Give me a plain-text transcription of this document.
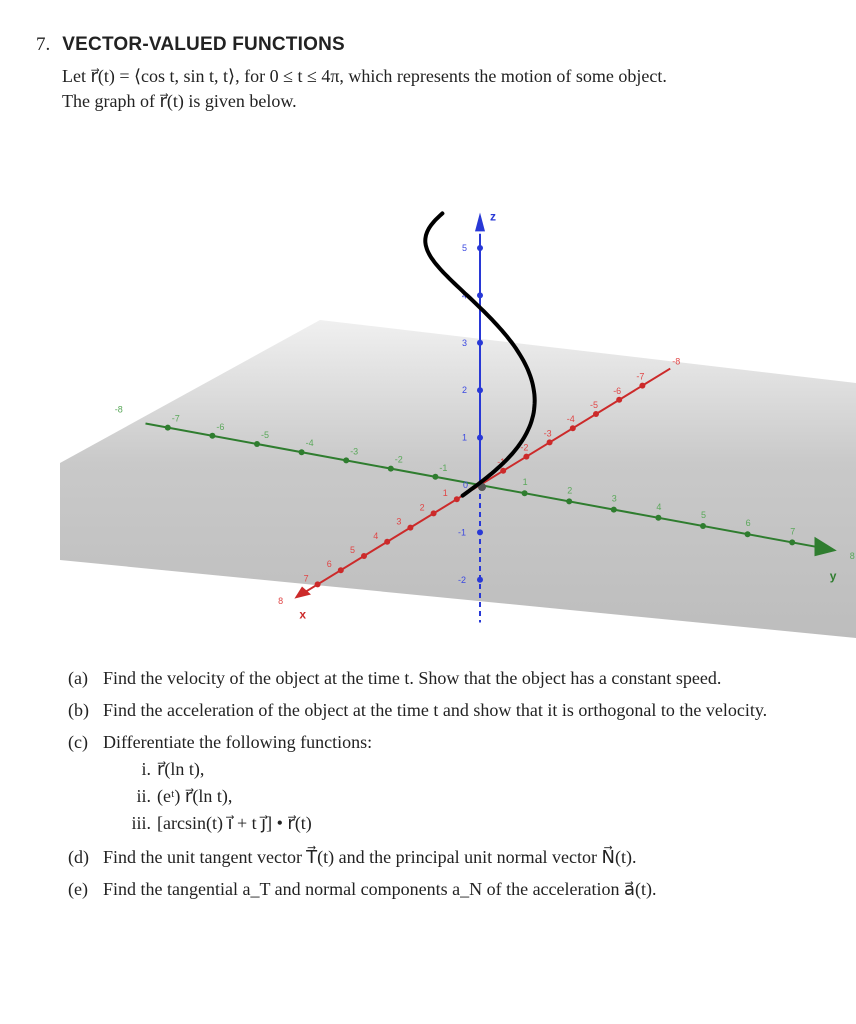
7. VECTOR-VALUED FUNCTIONS

Let r⃗(t) = ⟨cos t, sin t, t⟩, for 0 ≤ t ≤ 4π, which represents the motion of some object.

The graph of r⃗(t) is given below.

1
-1
1
-1
2
-2
2
-2
3
-3
3
-3
4
-4
4
-4
5
-5
5
-5
6
-6
6
-6
7
-7
7
-7
-8
8
-8
8
1
2
3
4
5
-1
-2
0
y
x
z
(a) Find the velocity of the object at the time t. Show that the object has a constant speed.
(b) Find the acceleration of the object at the time t and show that it is orthogonal to the velocity.
(c) Differentiate the following functions:
i. r⃗(ln t),
ii. (eᵗ) r⃗(ln t),
iii. [arcsin(t) i⃗ + t j⃗] • r⃗(t)
(d) Find the unit tangent vector T⃗(t) and the principal unit normal vector N⃗(t).
(e) Find the tangential a_T and normal components a_N of the acceleration a⃗(t).
